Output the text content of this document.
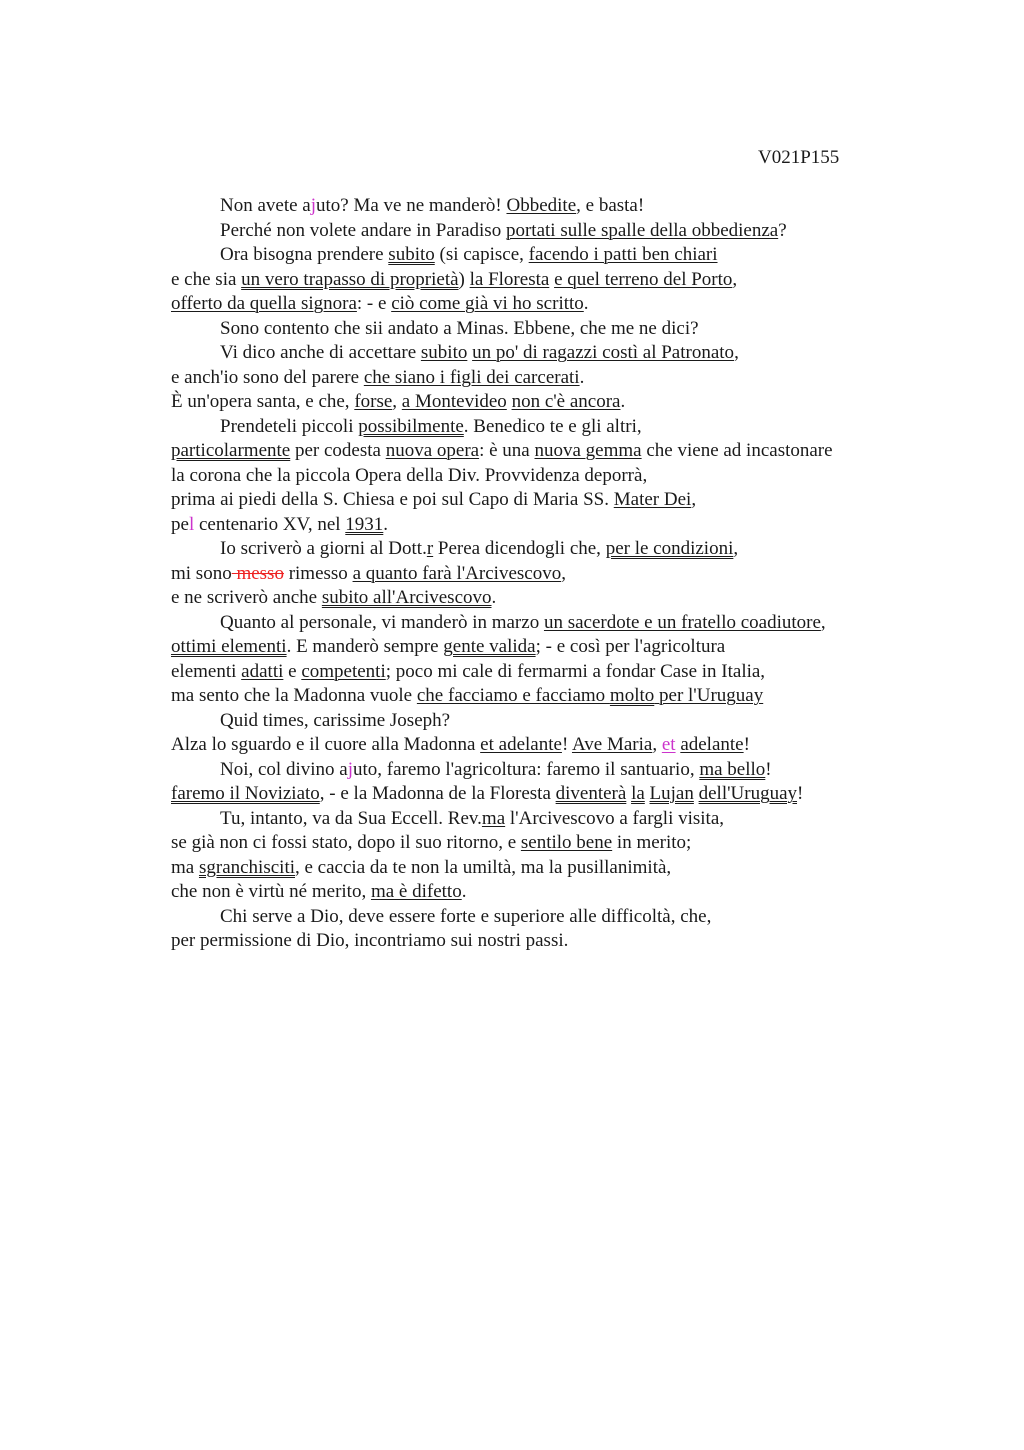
V021P155
Non avete ajuto? Ma ve ne manderò! Obbedite, e basta!
Perché non volete andare in Paradiso portati sulle spalle della obbedienza?
Ora bisogna prendere subito (si capisce, facendo i patti ben chiari
e che sia un vero trapasso di proprietà) la Floresta e quel terreno del Porto,
offerto da quella signora: - e ciò come già vi ho scritto.
Sono contento che sii andato a Minas. Ebbene, che me ne dici?
Vi dico anche di accettare subito un po' di ragazzi costì al Patronato,
e anch'io sono del parere che siano i figli dei carcerati.
È un'opera santa, e che, forse, a Montevideo non c'è ancora.
Prendeteli piccoli possibilmente. Benedico te e gli altri,
particolarmente per codesta nuova opera: è una nuova gemma che viene ad incastonare
la corona che la piccola Opera della Div. Provvidenza deporrà,
prima ai piedi della S. Chiesa e poi sul Capo di Maria SS. Mater Dei,
pel centenario XV, nel 1931.
Io scriverò a giorni al Dott.r Perea dicendogli che, per le condizioni,
mi sono messo rimesso a quanto farà l'Arcivescovo,
e ne scriverò anche subito all'Arcivescovo.
Quanto al personale, vi manderò in marzo un sacerdote e un fratello coadiutore,
ottimi elementi. E manderò sempre gente valida; - e così per l'agricoltura
elementi adatti e competenti; poco mi cale di fermarmi a fondar Case in Italia,
ma sento che la Madonna vuole che facciamo e facciamo molto per l'Uruguay
Quid times, carissime Joseph?
Alza lo sguardo e il cuore alla Madonna et adelante! Ave Maria, et adelante!
Noi, col divino ajuto, faremo l'agricoltura: faremo il santuario, ma bello!
faremo il Noviziato, - e la Madonna de la Floresta diventerà la Lujan dell'Uruguay!
Tu, intanto, va da Sua Eccell. Rev.ma l'Arcivescovo a fargli visita,
se già non ci fossi stato, dopo il suo ritorno, e sentilo bene in merito;
ma sgranchisciti, e caccia da te non la umiltà, ma la pusillanimità,
che non è virtù né merito, ma è difetto.
Chi serve a Dio, deve essere forte e superiore alle difficoltà, che,
per permissione di Dio, incontriamo sui nostri passi.
